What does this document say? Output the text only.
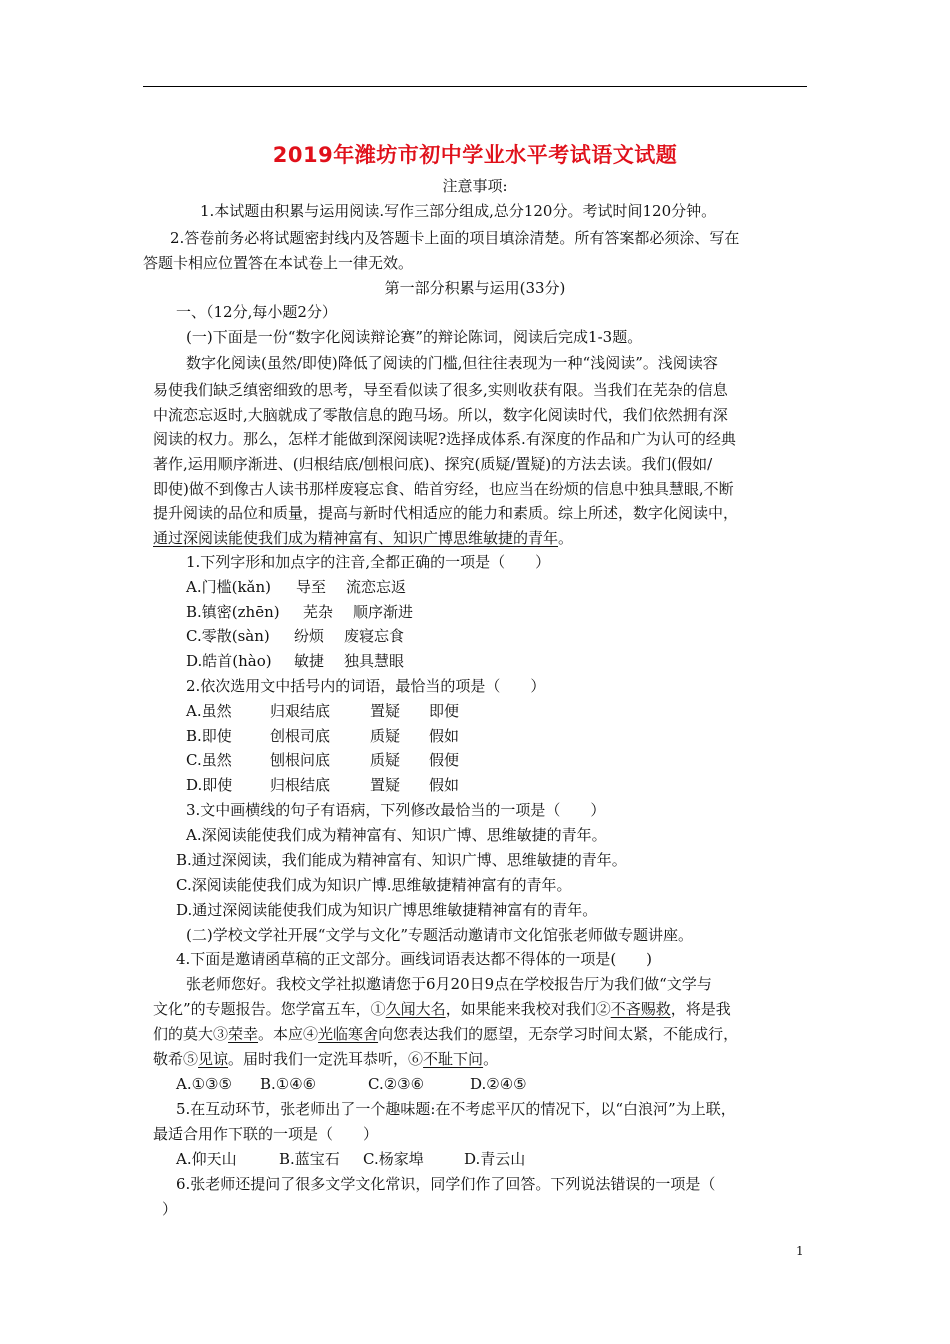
2019年潍坊市初中学业水平考试语文试题
注意事项:
1.本试题由积累与运用阅读.写作三部分组成,总分120分。考试时间120分钟。
2.答卷前务必将试题密封线内及答题卡上面的项目填涂清楚。所有答案都必须涂、写在
答题卡相应位置答在本试卷上一律无效。
第一部分积累与运用(33分)
一、（12分,每小题2分）
(一)下面是一份“数字化阅读辩论赛”的辩论陈词，阅读后完成1-3题。
数字化阅读(虽然/即使)降低了阅读的门槛,但往往表现为一种“浅阅读”。浅阅读容
易使我们缺乏缜密细致的思考，导至看似读了很多,实则收获有限。当我们在芜杂的信息
中流恋忘返时,大脑就成了零散信息的跑马场。所以，数字化阅读时代，我们依然拥有深
阅读的权力。那么，怎样才能做到深阅读呢?选择成体系.有深度的作品和广为认可的经典
著作,运用顺序渐进、(归根结底/刨根问底)、探究(质疑/置疑)的方法去读。我们(假如/
即使)做不到像古人读书那样废寝忘食、皓首穷经，也应当在纷烦的信息中独具慧眼,不断
提升阅读的品位和质量，提高与新时代相适应的能力和素质。综上所述，数字化阅读中，
通过深阅读能使我们成为精神富有、知识广博思维敏捷的青年。
1.下列字形和加点字的注音,全都正确的一项是（　　）
A.门槛(kǎn) 导至 流恋忘返
B.镇密(zhēn) 芜杂 顺序渐进
C.零散(sàn) 纷烦 废寝忘食
D.皓首(hào) 敏捷 独具慧眼
2.依次选用文中括号内的词语，最恰当的项是（　　）
A.虽然	归艰结底	置疑 即便
B.即使	创根司底	质疑 假如
C.虽然	刨根问底	质疑 假便
D.即使	归根结底	置疑 假如
3.文中画横线的句子有语病，下列修改最恰当的一项是（　　）
A.深阅读能使我们成为精神富有、知识广博、思维敏捷的青年。
B.通过深阅读，我们能成为精神富有、知识广博、思维敏捷的青年。
C.深阅读能使我们成为知识广博.思维敏捷精神富有的青年。
D.通过深阅读能使我们成为知识广博思维敏捷精神富有的青年。
(二)学校文学社开展“文学与文化”专题活动邀请市文化馆张老师做专题讲座。
4.下面是邀请函草稿的正文部分。画线词语表达都不得体的一项是(　　)
张老师您好。我校文学社拟邀请您于6月20日9点在学校报告厅为我们做“文学与
文化”的专题报告。您学富五车，①久闻大名，如果能来我校对我们②不吝赐救，将是我
们的莫大③荣幸。本应④光临寒舍向您表达我们的愿望，无奈学习时间太紧，不能成行，
敬希⑤见谅。届时我们一定洗耳恭听，⑥不耻下问。
A.①③⑤ B.①④⑥	C.②③⑥	D.②④⑤
5.在互动环节，张老师出了一个趣味题:在不考虑平仄的情况下，以“白浪河”为上联，
最适合用作下联的一项是（　　）
A.仰天山	B.蓝宝石 C.杨家埠	D.青云山
6.张老师还提问了很多文学文化常识，同学们作了回答。下列说法错误的一项是（
）
1
